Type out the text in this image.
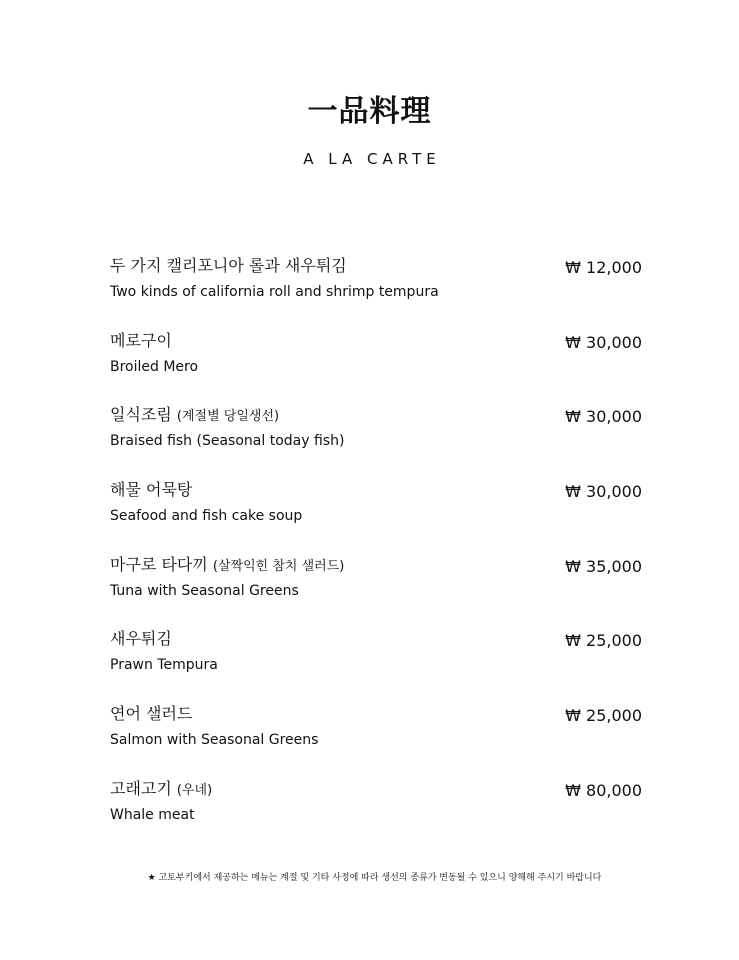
一品料理
A LA CARTE
두 가지 캘리포니아 롤과 새우튀김
Two kinds of california roll and shrimp tempura
₩ 12,000
메로구이
Broiled Mero
₩ 30,000
일식조림 (계절별 당일생선)
Braised fish (Seasonal today fish)
₩ 30,000
해물 어묵탕
Seafood and fish cake soup
₩ 30,000
마구로 타다끼 (살짝익힌 참치 샐러드)
Tuna with Seasonal Greens
₩ 35,000
새우튀김
Prawn Tempura
₩ 25,000
연어 샐러드
Salmon with Seasonal Greens
₩ 25,000
고래고기 (우네)
Whale meat
₩ 80,000
★ 고토부키에서 제공하는 메뉴는 계절 및 기타 사정에 따라 생선의 종류가 변동될 수 있으니 양해해 주시기 바랍니다
